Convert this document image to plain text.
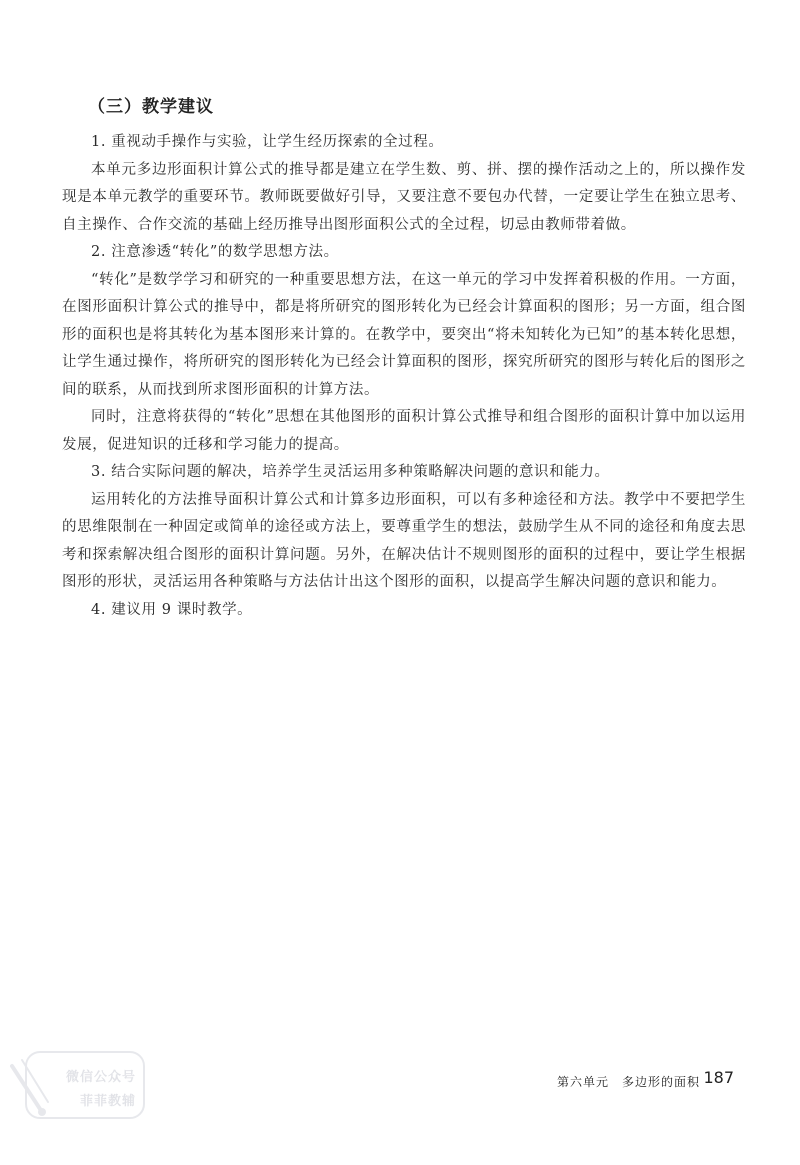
（三）教学建议

1. 重视动手操作与实验，让学生经历探索的全过程。

本单元多边形面积计算公式的推导都是建立在学生数、剪、拼、摆的操作活动之上的，所以操作发现是本单元教学的重要环节。教师既要做好引导，又要注意不要包办代替，一定要让学生在独立思考、自主操作、合作交流的基础上经历推导出图形面积公式的全过程，切忌由教师带着做。

2. 注意渗透“转化”的数学思想方法。

“转化”是数学学习和研究的一种重要思想方法，在这一单元的学习中发挥着积极的作用。一方面，在图形面积计算公式的推导中，都是将所研究的图形转化为已经会计算面积的图形；另一方面，组合图形的面积也是将其转化为基本图形来计算的。在教学中，要突出“将未知转化为已知”的基本转化思想，让学生通过操作，将所研究的图形转化为已经会计算面积的图形，探究所研究的图形与转化后的图形之间的联系，从而找到所求图形面积的计算方法。

同时，注意将获得的“转化”思想在其他图形的面积计算公式推导和组合图形的面积计算中加以运用发展，促进知识的迁移和学习能力的提高。

3. 结合实际问题的解决，培养学生灵活运用多种策略解决问题的意识和能力。

运用转化的方法推导面积计算公式和计算多边形面积，可以有多种途径和方法。教学中不要把学生的思维限制在一种固定或简单的途径或方法上，要尊重学生的想法，鼓励学生从不同的途径和角度去思考和探索解决组合图形的面积计算问题。另外，在解决估计不规则图形的面积的过程中，要让学生根据图形的形状，灵活运用各种策略与方法估计出这个图形的面积，以提高学生解决问题的意识和能力。

4. 建议用 9 课时教学。

微信公众号
菲菲教辅
第六单元　多边形的面积 187
